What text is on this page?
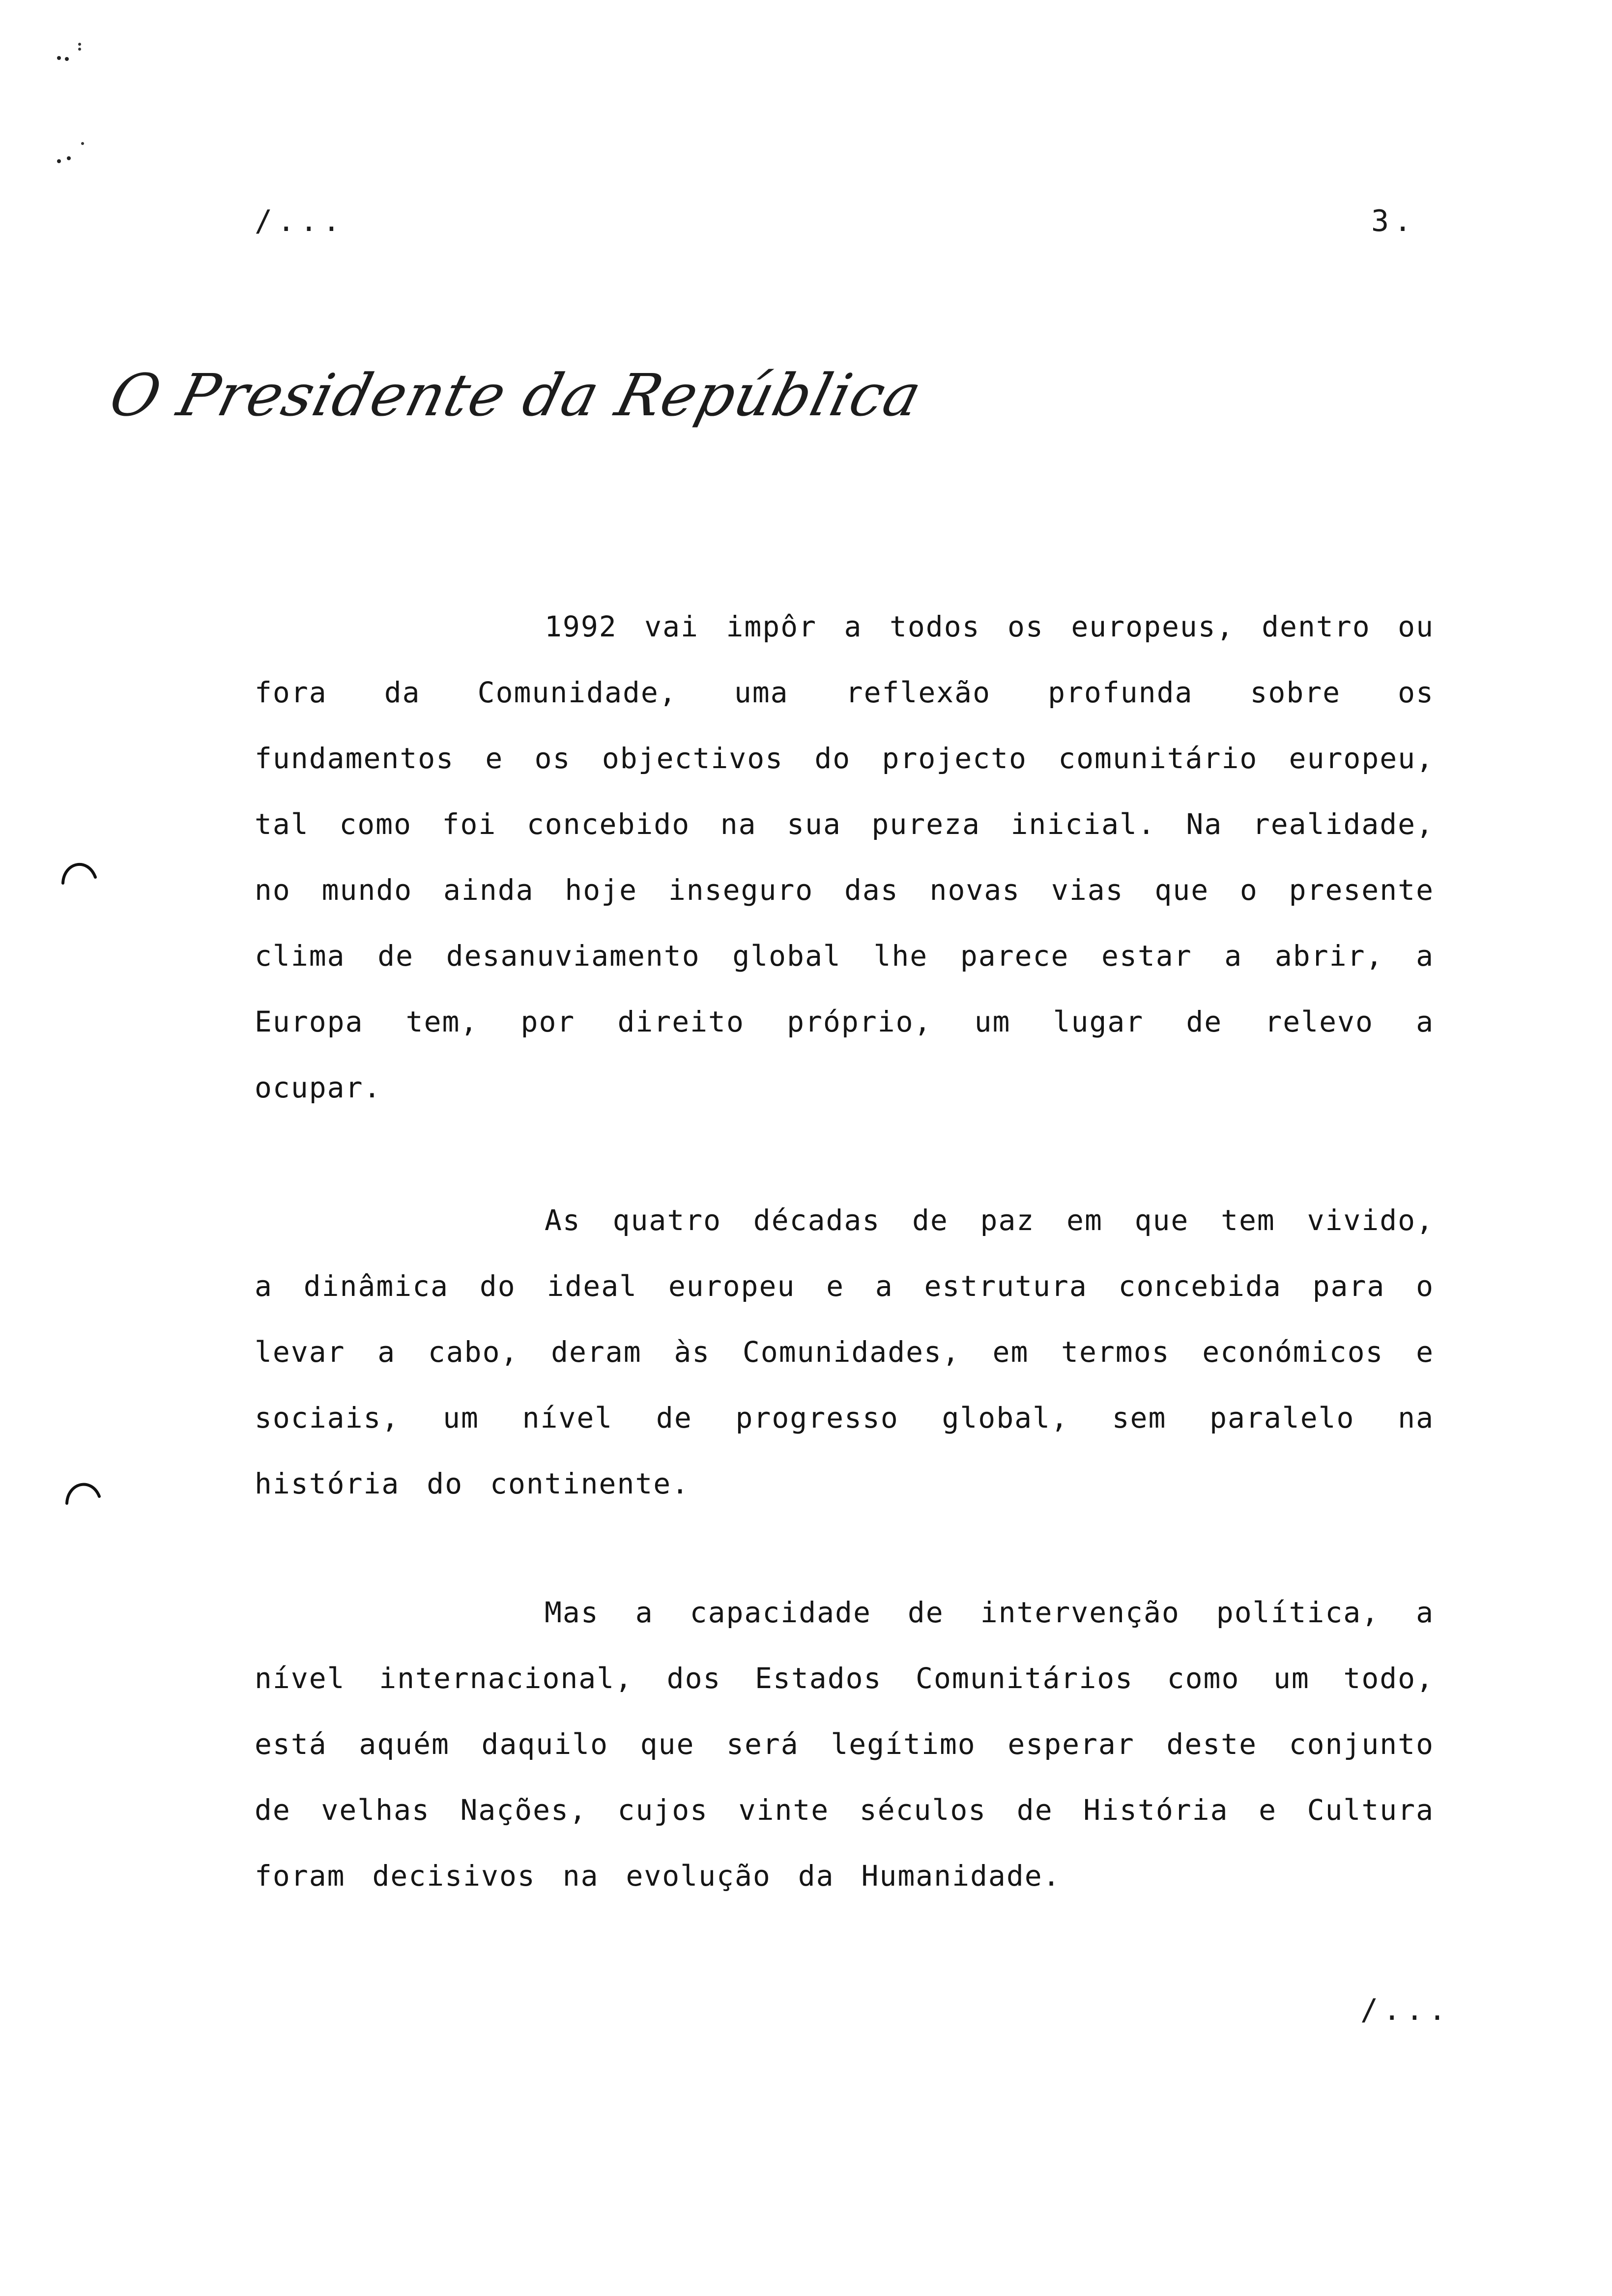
/...	3.
O Presidente da República

1992 vai impôr a todos os europeus, dentro ou fora da Comunidade, uma reflexão profunda sobre os fundamentos e os objectivos do projecto comunitário europeu, tal como foi concebido na sua pureza inicial. Na realidade, no mundo ainda hoje inseguro das novas vias que o presente clima de desanuviamento global lhe parece estar a abrir, a Europa tem, por direito próprio, um lugar de relevo a ocupar.

As quatro décadas de paz em que tem vivido, a dinâmica do ideal europeu e a estrutura concebida para o levar a cabo, deram às Comunidades, em termos económicos e sociais, um nível de progresso global, sem paralelo na história do continente.

Mas a capacidade de intervenção política, a nível internacional, dos Estados Comunitários como um todo, está aquém daquilo que será legítimo esperar deste conjunto de velhas Nações, cujos vinte séculos de História e Cultura foram decisivos na evolução da Humanidade.

/...
